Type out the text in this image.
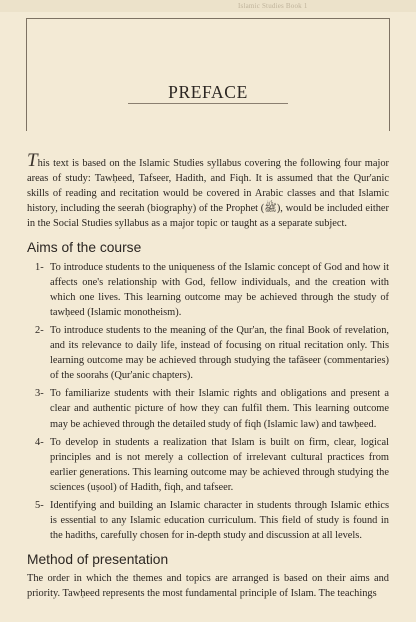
Islamic Studies Book 1
PREFACE

This text is based on the Islamic Studies syllabus covering the following four major areas of study: Tawḥeed, Tafseer, Hadith, and Fiqh. It is assumed that the Qur'anic skills of reading and recitation would be covered in Arabic classes and that Islamic history, including the seerah (biography) of the Prophet (ﷺ), would be included either in the Social Studies syllabus as a major topic or taught as a separate subject.

Aims of the course
1- To introduce students to the uniqueness of the Islamic concept of God and how it affects one's relationship with God, fellow individuals, and the creation with which one lives. This learning outcome may be achieved through the study of tawḥeed (Islamic monotheism).
2- To introduce students to the meaning of the Qur'an, the final Book of revelation, and its relevance to daily life, instead of focusing on ritual recitation only. This learning outcome may be achieved through studying the tafâseer (commentaries) of the soorahs (Qur'anic chapters).
3- To familiarize students with their Islamic rights and obligations and present a clear and authentic picture of how they can fulfil them. This learning outcome may be achieved through the detailed study of fiqh (Islamic law) and tawḥeed.
4- To develop in students a realization that Islam is built on firm, clear, logical principles and is not merely a collection of irrelevant cultural practices from earlier generations. This learning outcome may be achieved through studying the sciences (uṣool) of Hadith, fiqh, and tafseer.
5- Identifying and building an Islamic character in students through Islamic ethics is essential to any Islamic education curriculum. This field of study is found in the hadiths, carefully chosen for in-depth study and discussion at all levels.
Method of presentation

The order in which the themes and topics are arranged is based on their aims and priority. Tawḥeed represents the most fundamental principle of Islam. The teachings
